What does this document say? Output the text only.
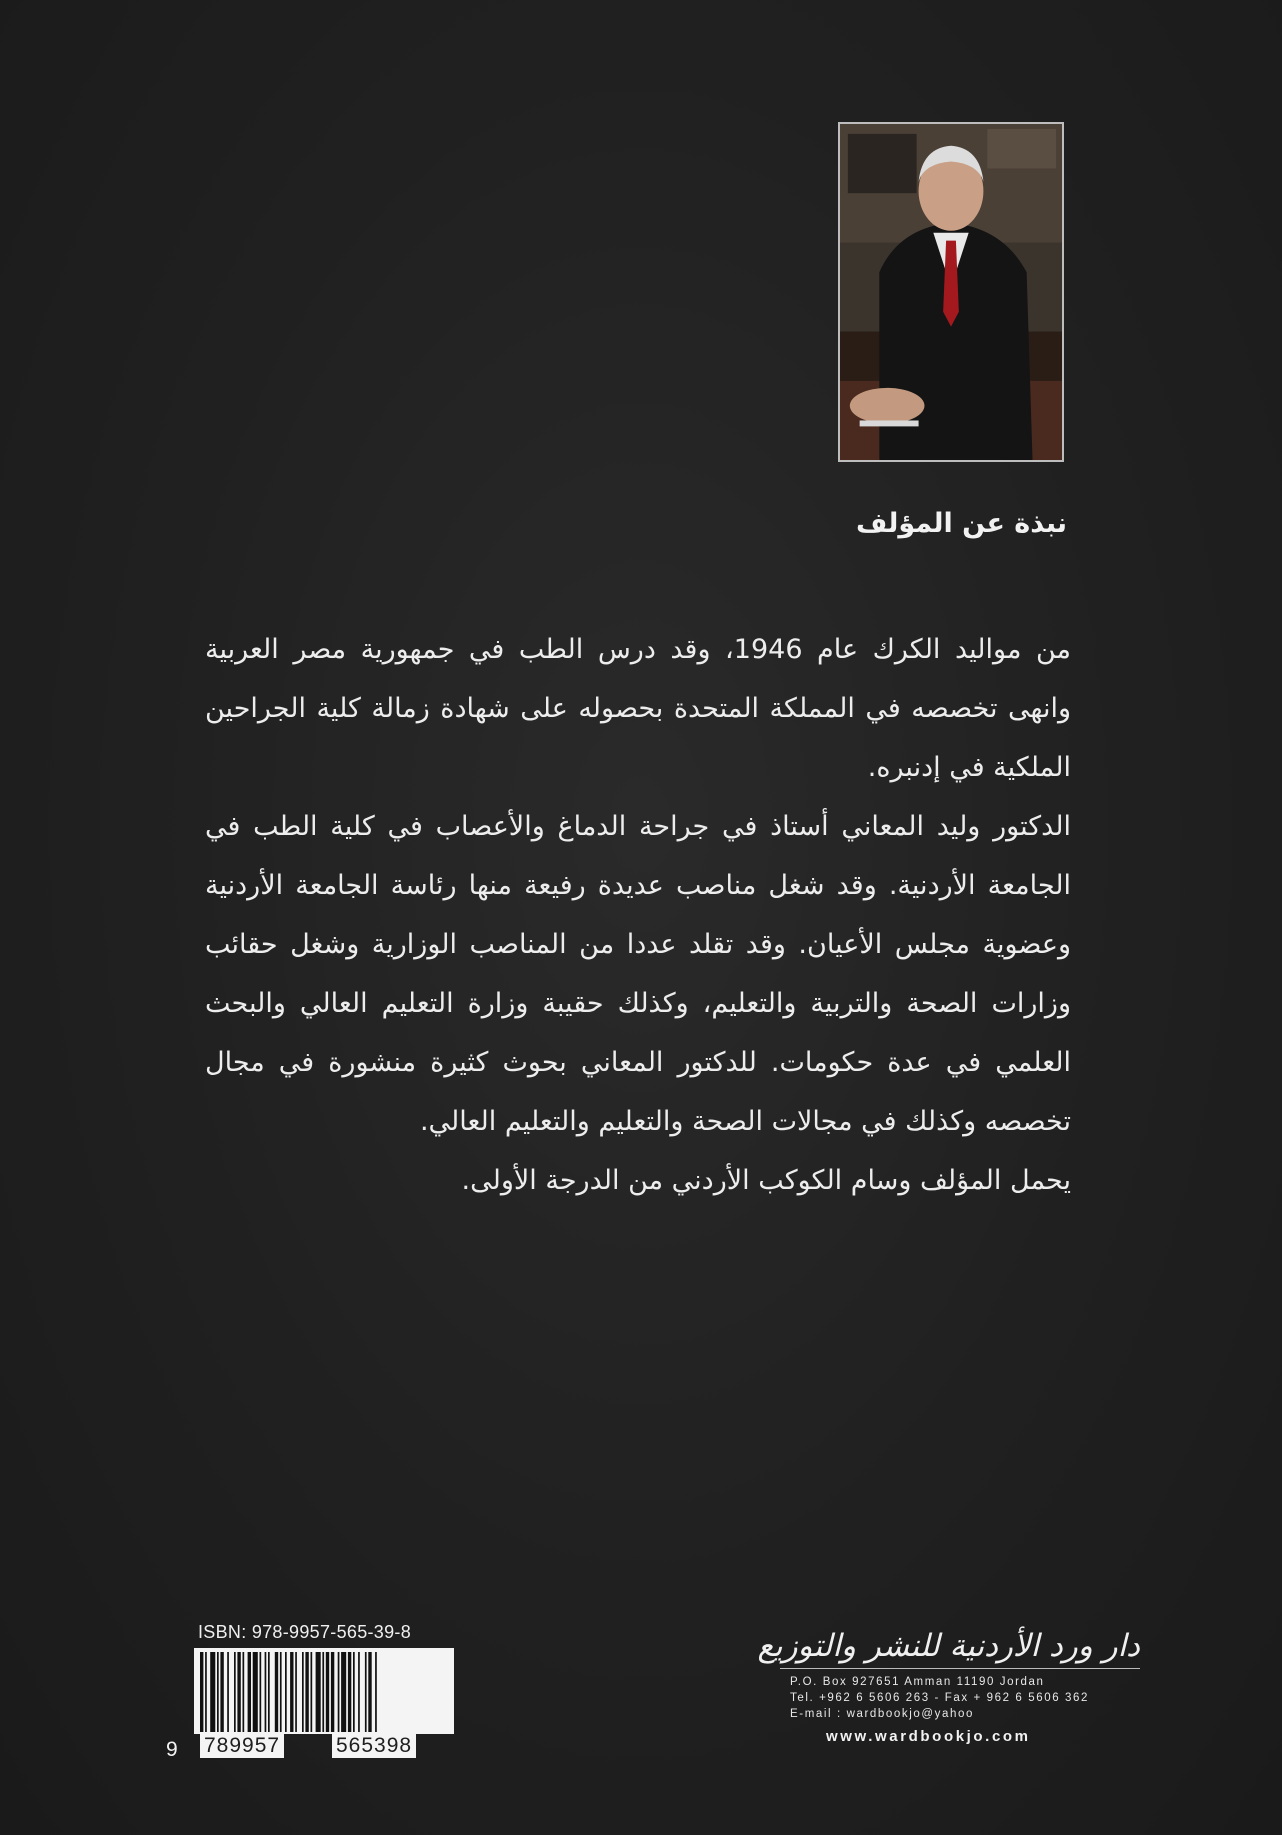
نبذة عن المؤلف

من مواليد الكرك عام 1946، وقد درس الطب في جمهورية مصر العربية وانهى تخصصه في المملكة المتحدة بحصوله على شهادة زمالة كلية الجراحين الملكية في إدنبره.

الدكتور وليد المعاني أستاذ في جراحة الدماغ والأعصاب في كلية الطب في الجامعة الأردنية. وقد شغل مناصب عديدة رفيعة منها رئاسة الجامعة الأردنية وعضوية مجلس الأعيان. وقد تقلد عددا من المناصب الوزارية وشغل حقائب وزارات الصحة والتربية والتعليم، وكذلك حقيبة وزارة التعليم العالي والبحث العلمي في عدة حكومات. للدكتور المعاني بحوث كثيرة منشورة في مجال تخصصه وكذلك في مجالات الصحة والتعليم والتعليم العالي.

يحمل المؤلف وسام الكوكب الأردني من الدرجة الأولى.

ISBN: 978-9957-565-39-8
9 789957	565398
دار ورد الأردنية للنشر والتوزيع
P.O. Box 927651 Amman 11190 Jordan
Tel. +962 6 5606 263 - Fax + 962 6 5606 362
E-mail : wardbookjo@yahoo
www.wardbookjo.com
